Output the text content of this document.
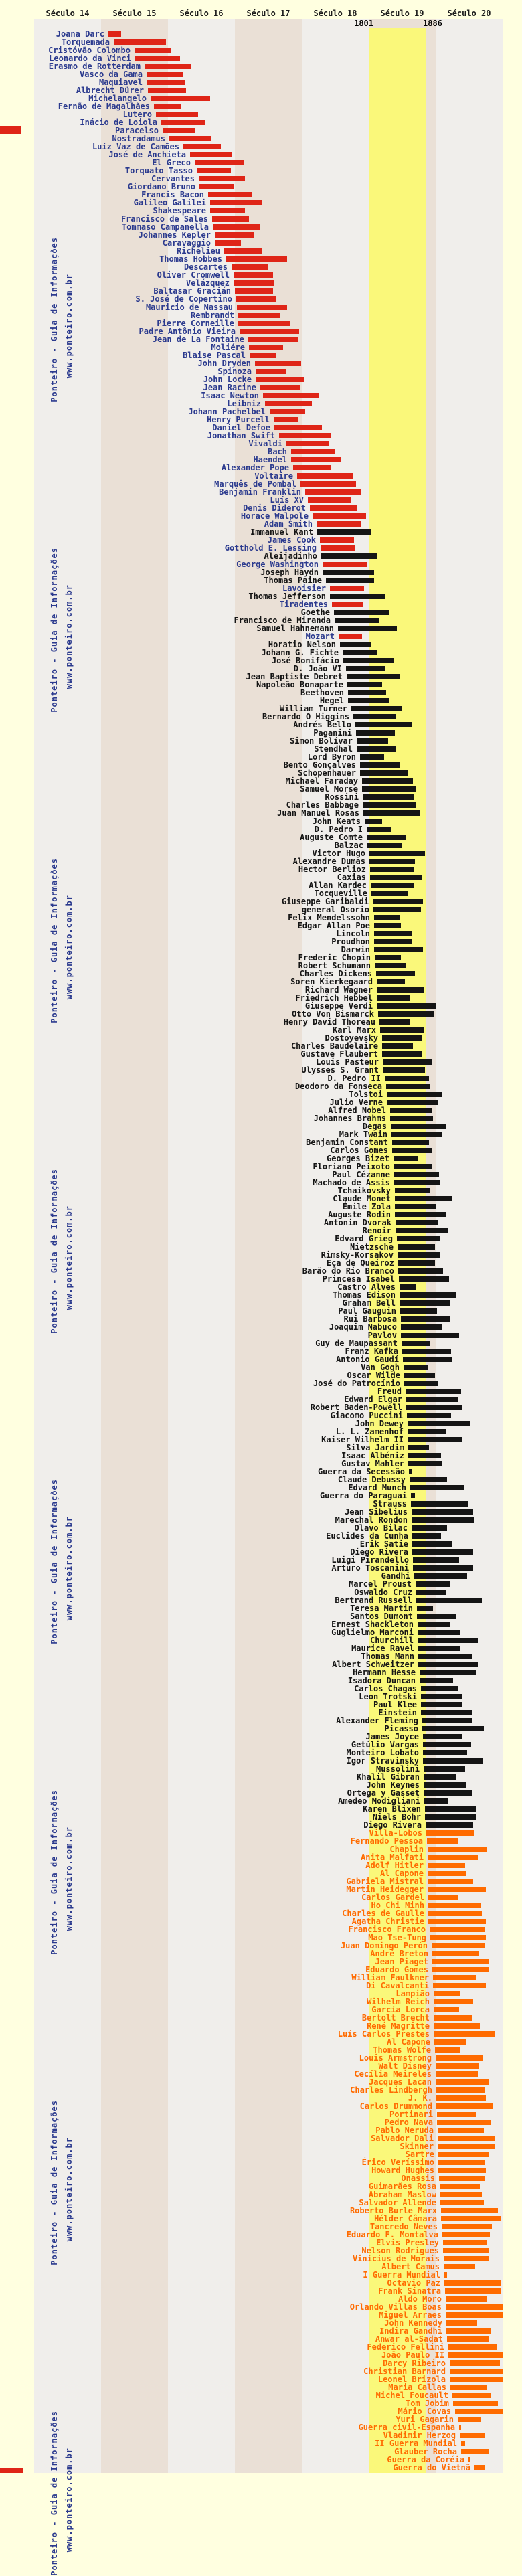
Século 14	Século 15	Século 16	Século 17	Século 18	Século 19	Século 20
1801	1886
Ponteiro - Guia de Informações www.ponteiro.com.br
Ponteiro - Guia de Informações www.ponteiro.com.br
Ponteiro - Guia de Informações www.ponteiro.com.br
Ponteiro - Guia de Informações www.ponteiro.com.br
Ponteiro - Guia de Informações www.ponteiro.com.br
Ponteiro - Guia de Informações www.ponteiro.com.br
Ponteiro - Guia de Informações www.ponteiro.com.br
Ponteiro - Guia de Informações www.ponteiro.com.br
Joana Darc
Torquemada
Cristóvão Colombo
Leonardo da Vinci
Erasmo de Rotterdam
Vasco da Gama
Maquiavel
Albrecht Dürer
Michelangelo
Fernão de Magalhães
Lutero
Inácio de Loiola
Paracelso
Nostradamus
Luíz Vaz de Camões
José de Anchieta
El Greco
Torquato Tasso
Cervantes
Giordano Bruno
Francis Bacon
Galileo Galilei
Shakespeare
Francisco de Sales
Tommaso Campanella
Johannes Kepler
Caravaggio
Richelieu
Thomas Hobbes
Descartes
Oliver Cromwell
Velázquez
Baltasar Gracián
S. José de Copertino
Mauricio de Nassau
Rembrandt
Pierre Corneille
Padre Antônio Vieira
Jean de La Fontaine
Moliére
Blaise Pascal
John Dryden
Spinoza
John Locke
Jean Racine
Isaac Newton
Leibniz
Johann Pachelbel
Henry Purcell
Daniel Defoe
Jonathan Swift
Vivaldi
Bach
Haendel
Alexander Pope
Voltaire
Marquês de Pombal
Benjamin Franklin
Luís XV
Denis Diderot
Horace Walpole
Adam Smith
Immanuel Kant
James Cook
Gotthold E. Lessing
Aleijadinho
George Washington
Joseph Haydn
Thomas Paine
Lavoisier
Thomas Jefferson
Tiradentes
Goethe
Francisco de Miranda
Samuel Hahnemann
Mozart
Horatio Nelson
Johann G. Fichte
José Bonifácio
D. João VI
Jean Baptiste Debret
Napoleão Bonaparte
Beethoven
Hegel
William Turner
Bernardo O Higgins
Andrés Bello
Paganini
Simon Bolívar
Stendhal
Lord Byron
Bento Gonçalves
Schopenhauer
Michael Faraday
Samuel Morse
Rossini
Charles Babbage
Juan Manuel Rosas
John Keats
D. Pedro I
Auguste Comte
Balzac
Victor Hugo
Alexandre Dumas
Hector Berlioz
Caxias
Allan Kardec
Tocqueville
Giuseppe Garibaldi
general Osorio
Felix Mendelssohn
Edgar Allan Poe
Lincoln
Proudhon
Darwin
Frederic Chopin
Robert Schumann
Charles Dickens
Soren Kierkegaard
Richard Wagner
Friedrich Hebbel
Giuseppe Verdi
Otto Von Bismarck
Henry David Thoreau
Karl Marx
Dostoyevsky
Charles Baudelaire
Gustave Flaubert
Louis Pasteur
Ulysses S. Grant
D. Pedro II
Deodoro da Fonseca
Tolstoi
Julio Verne
Alfred Nobel
Johannes Brahms
Degas
Mark Twain
Benjamin Constant
Carlos Gomes
Georges Bizet
Floriano Peixoto
Paul Cézanne
Machado de Assis
Tchaikovsky
Claude Monet
Émile Zola
Auguste Rodin
Antonin Dvorak
Renoir
Edvard Grieg
Nietzsche
Rimsky-Korsakov
Eça de Queiroz
Barão do Rio Branco
Princesa Isabel
Castro Alves
Thomas Edison
Graham Bell
Paul Gauguin
Rui Barbosa
Joaquim Nabuco
Pavlov
Guy de Maupassant
Franz Kafka
Antonio Gaudí
Van Gogh
Oscar Wilde
José do Patrocínio
Freud
Edward Elgar
Robert Baden-Powell
Giacomo Puccini
John Dewey
L. L. Zamenhof
Kaiser Wilhelm II
Silva Jardim
Isaac Albéniz
Gustav Mahler
Guerra da Secessão
Claude Debussy
Edvard Munch
Guerra do Paraguai
Strauss
Jean Sibelius
Marechal Rondon
Olavo Bilac
Euclides da Cunha
Erik Satie
Diego Rivera
Luigi Pirandello
Arturo Toscanini
Gandhi
Marcel Proust
Oswaldo Cruz
Bertrand Russell
Teresa Martin
Santos Dumont
Ernest Shackleton
Guglielmo Marconi
Churchill
Maurice Ravel
Thomas Mann
Albert Schweitzer
Hermann Hesse
Isadora Duncan
Carlos Chagas
Leon Trotski
Paul Klee
Einstein
Alexander Fleming
Picasso
James Joyce
Getúlio Vargas
Monteiro Lobato
Igor Stravinsky
Mussolini
Khalil Gibran
John Keynes
Ortega y Gasset
Amedeo Modigliani
Karen Blixen
Niels Bohr
Diego Rivera
Villa-Lobos
Fernando Pessoa
Chaplin
Anita Malfati
Adolf Hitler
Al Capone
Gabriela Mistral
Martin Heidegger
Carlos Gardel
Ho Chi Minh
Charles de Gaulle
Agatha Christie
Francisco Franco
Mao Tse-Tung
Juan Domingo Perón
André Breton
Jean Piaget
Eduardo Gomes
William Faulkner
Di Cavalcanti
Lampião
Wilhelm Reich
García Lorca
Bertolt Brecht
René Magritte
Luís Carlos Prestes
Al Capone
Thomas Wolfe
Louis Armstrong
Walt Disney
Cecília Meireles
Jacques Lacan
Charles Lindbergh
J. K.
Carlos Drummond
Portinari
Pedro Nava
Pablo Neruda
Salvador Dali
Skinner
Sartre
Érico Veríssimo
Howard Hughes
Onassis
Guimarães Rosa
Abraham Maslow
Salvador Allende
Roberto Burle Marx
Hélder Câmara
Tancredo Neves
Eduardo F. Montalva
Elvis Presley
Nelson Rodrigues
Vinícius de Morais
Albert Camus
I Guerra Mundial
Octavio Paz
Frank Sinatra
Aldo Moro
Orlando Villas Boas
Miguel Arraes
John Kennedy
Indira Gandhi
Anwar al-Sadat
Federico Fellini
João Paulo II
Darcy Ribeiro
Christian Barnard
Leonel Brizola
Maria Callas
Michel Foucault
Tom Jobim
Mário Covas
Yuri Gagarin
Guerra civil-Espanha
Vladimir Herzog
II Guerra Mundial
Glauber Rocha
Guerra da Coréia
Guerra do Vietnã
